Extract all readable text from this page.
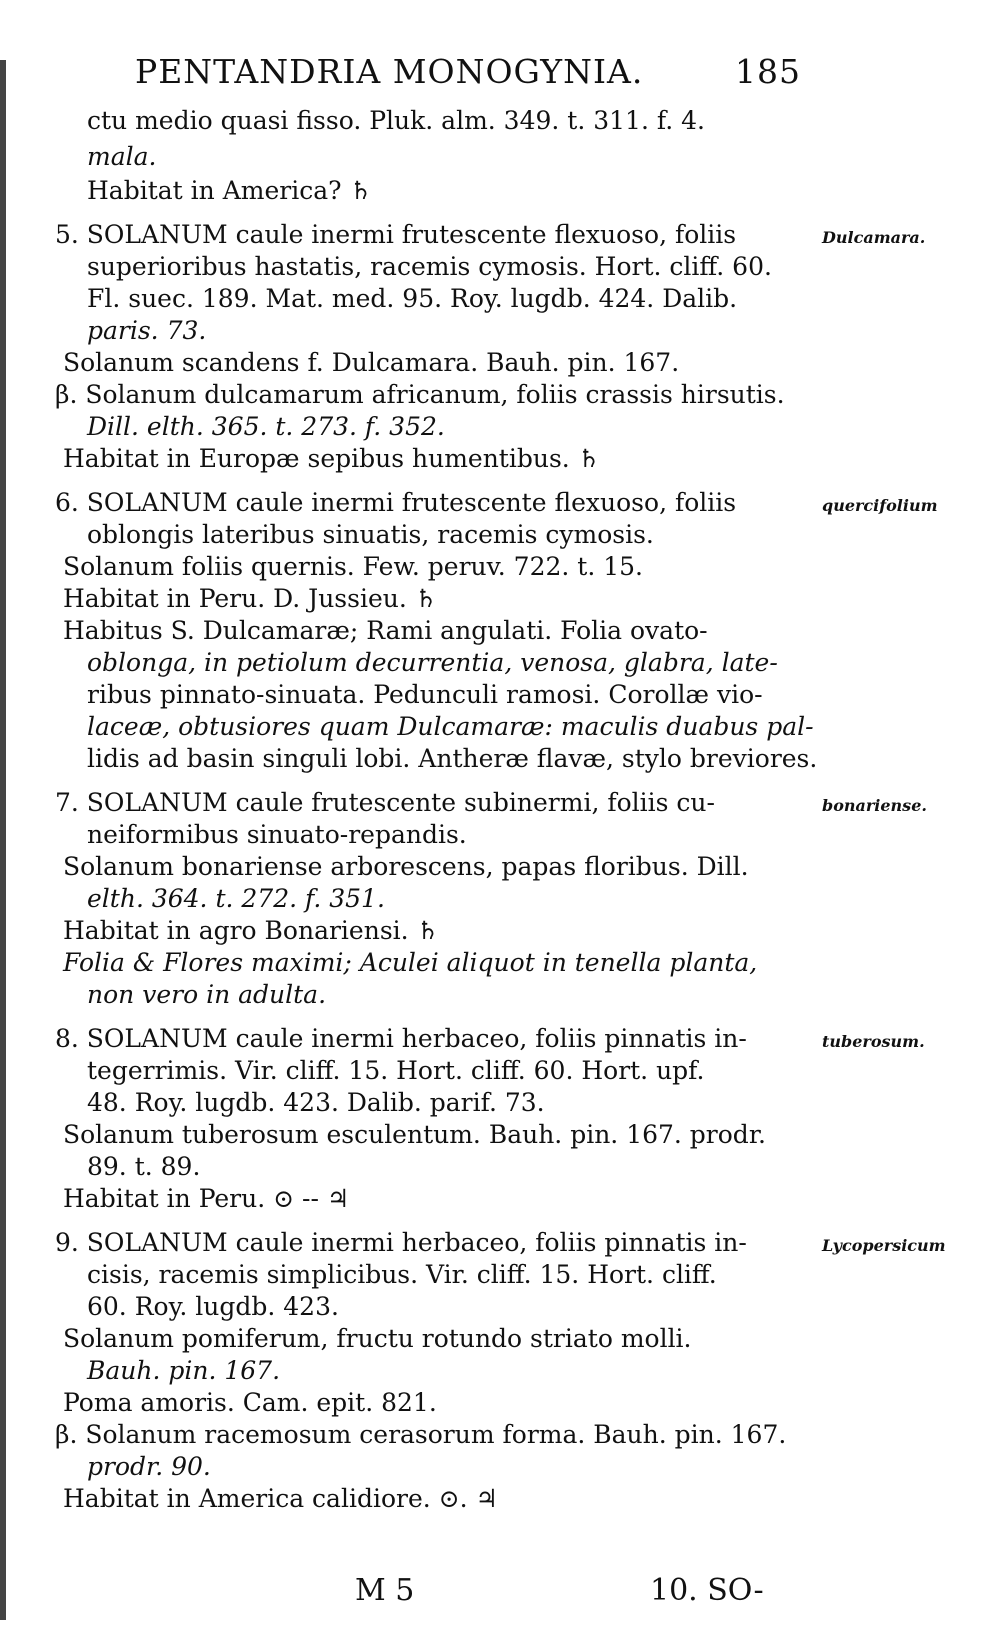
PENTANDRIA MONOGYNIA.	185
ctu medio quasi fisso. Pluk. alm. 349. t. 311. f. 4.
mala.
Habitat in America? ♄
5. SOLANUM caule inermi frutescente flexuoso, foliis
superioribus hastatis, racemis cymosis. Hort. cliff. 60.
Fl. suec. 189. Mat. med. 95. Roy. lugdb. 424. Dalib.
paris. 73.
Solanum scandens f. Dulcamara. Bauh. pin. 167.
β. Solanum dulcamarum africanum, foliis crassis hirsutis.
Dill. elth. 365. t. 273. f. 352.
Habitat in Europæ sepibus humentibus. ♄
6. SOLANUM caule inermi frutescente flexuoso, foliis
oblongis lateribus sinuatis, racemis cymosis.
Solanum foliis quernis. Few. peruv. 722. t. 15.
Habitat in Peru. D. Jussieu. ♄
Habitus S. Dulcamaræ; Rami angulati. Folia ovato-
oblonga, in petiolum decurrentia, venosa, glabra, late-
ribus pinnato-sinuata. Pedunculi ramosi. Corollæ vio-
laceæ, obtusiores quam Dulcamaræ: maculis duabus pal-
lidis ad basin singuli lobi. Antheræ flavæ, stylo breviores.
7. SOLANUM caule frutescente subinermi, foliis cu-
neiformibus sinuato-repandis.
Solanum bonariense arborescens, papas floribus. Dill.
elth. 364. t. 272. f. 351.
Habitat in agro Bonariensi. ♄
Folia & Flores maximi; Aculei aliquot in tenella planta,
non vero in adulta.
8. SOLANUM caule inermi herbaceo, foliis pinnatis in-
tegerrimis. Vir. cliff. 15. Hort. cliff. 60. Hort. upf.
48. Roy. lugdb. 423. Dalib. parif. 73.
Solanum tuberosum esculentum. Bauh. pin. 167. prodr.
89. t. 89.
Habitat in Peru. ⊙ -- ♃
9. SOLANUM caule inermi herbaceo, foliis pinnatis in-
cisis, racemis simplicibus. Vir. cliff. 15. Hort. cliff.
60. Roy. lugdb. 423.
Solanum pomiferum, fructu rotundo striato molli.
Bauh. pin. 167.
Poma amoris. Cam. epit. 821.
β. Solanum racemosum cerasorum forma. Bauh. pin. 167.
prodr. 90.
Habitat in America calidiore. ⊙. ♃
Dulcamara.
quercifolium
bonariense.
tuberosum.
Lycopersicum
M 5	10. SO-
